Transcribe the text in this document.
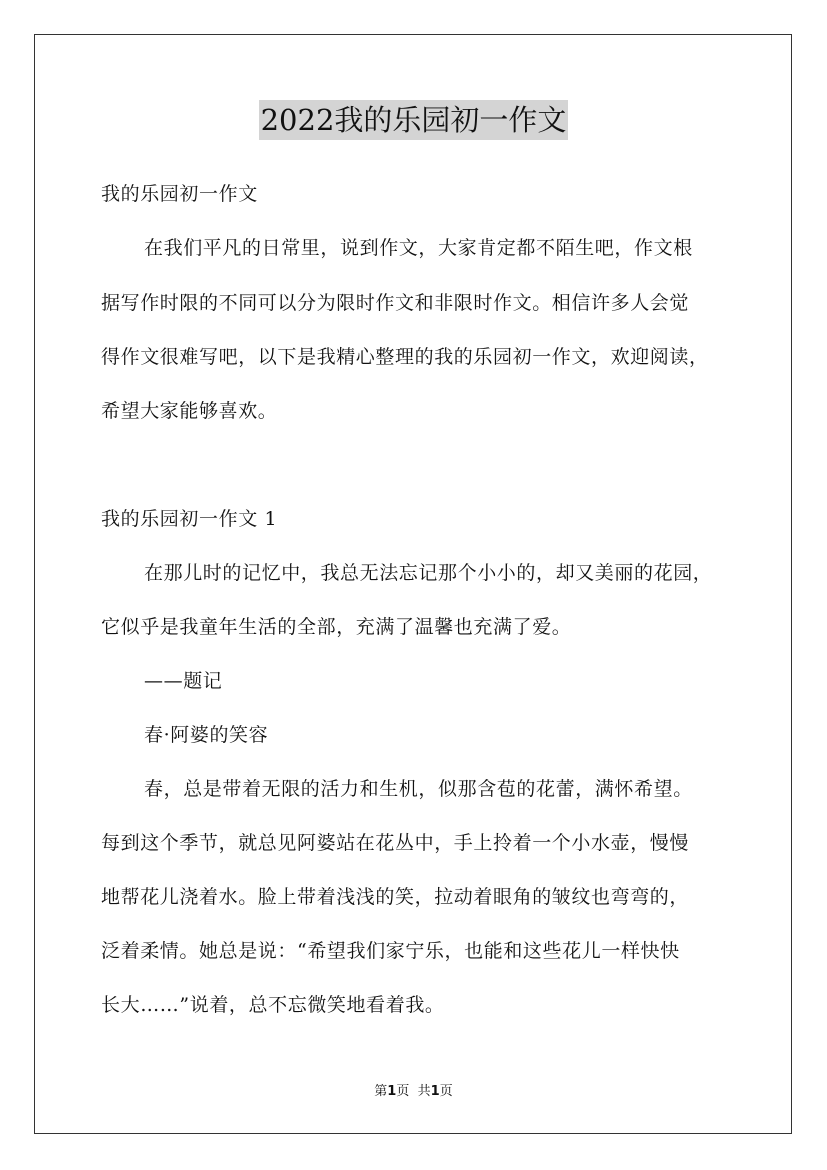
2022我的乐园初一作文
我的乐园初一作文
在我们平凡的日常里，说到作文，大家肯定都不陌生吧，作文根
据写作时限的不同可以分为限时作文和非限时作文。相信许多人会觉
得作文很难写吧，以下是我精心整理的我的乐园初一作文，欢迎阅读，
希望大家能够喜欢。
我的乐园初一作文 1
在那儿时的记忆中，我总无法忘记那个小小的，却又美丽的花园，
它似乎是我童年生活的全部，充满了温馨也充满了爱。
——题记
春·阿婆的笑容
春，总是带着无限的活力和生机，似那含苞的花蕾，满怀希望。
每到这个季节，就总见阿婆站在花丛中，手上拎着一个小水壶，慢慢
地帮花儿浇着水。脸上带着浅浅的笑，拉动着眼角的皱纹也弯弯的，
泛着柔情。她总是说：“希望我们家宁乐，也能和这些花儿一样快快
长大……”说着，总不忘微笑地看着我。
第1页 共1页
